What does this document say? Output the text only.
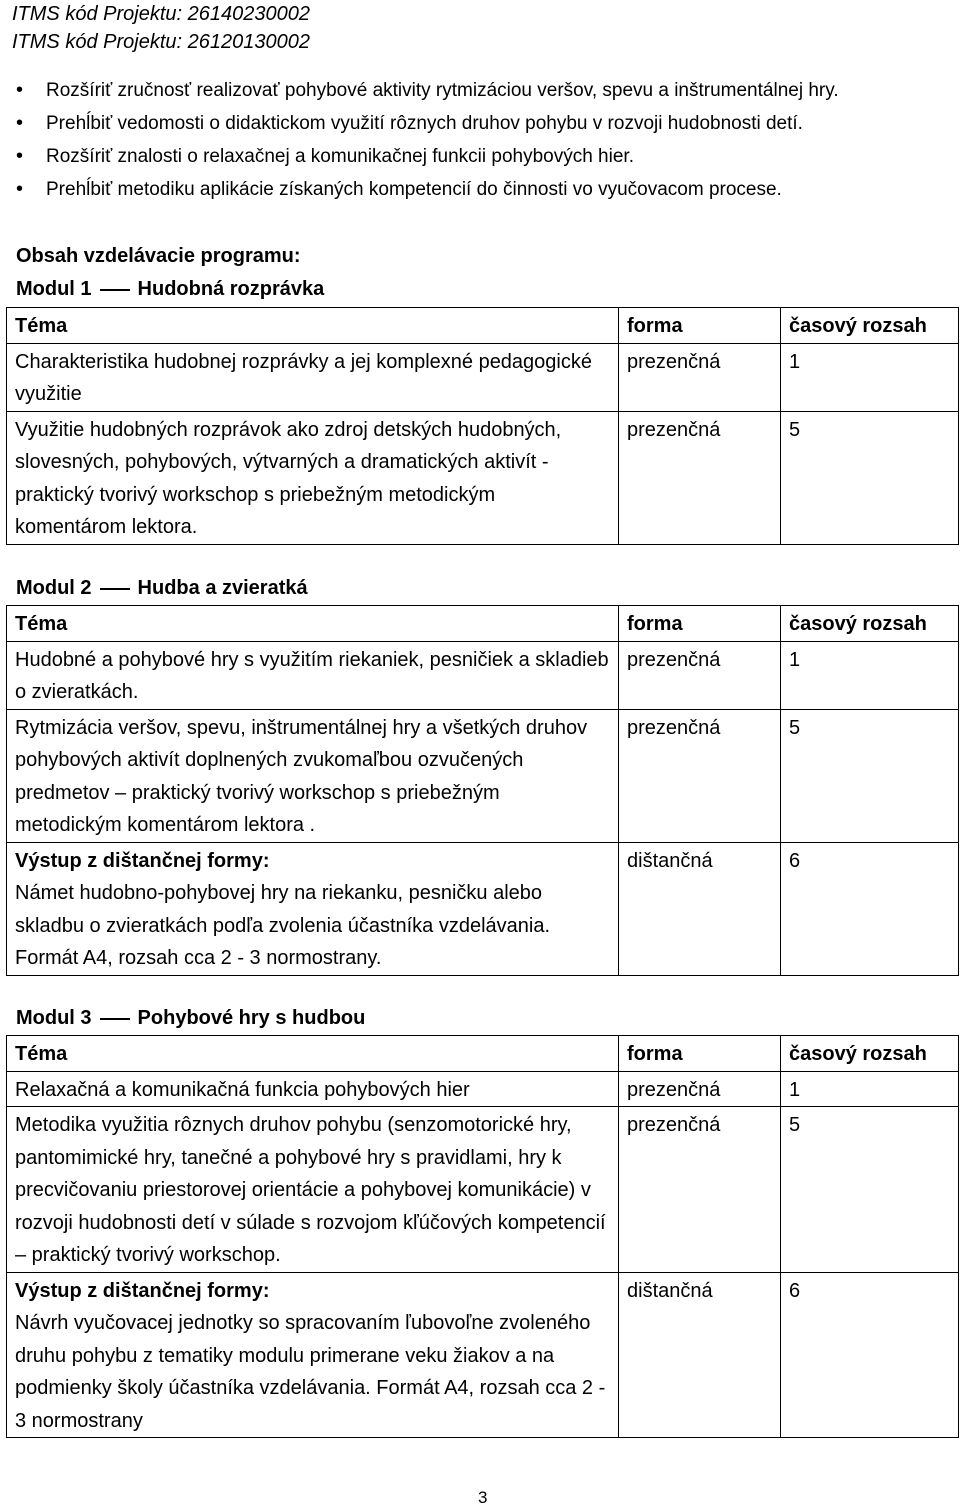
ITMS kód Projektu: 26140230002
ITMS kód Projektu: 26120130002
• Rozšíriť zručnosť realizovať pohybové aktivity rytmizáciou veršov, spevu a inštrumentálnej hry.
• Prehĺbiť vedomosti o didaktickom využití rôznych druhov pohybu v rozvoji hudobnosti detí.
• Rozšíriť znalosti o relaxačnej a komunikačnej funkcii pohybových hier.
• Prehĺbiť metodiku aplikácie získaných kompetencií do činnosti vo vyučovacom procese.
Obsah vzdelávacie programu:
Modul 1 Hudobná rozprávka
Téma	forma	časový rozsah
Charakteristika hudobnej rozprávky a jej komplexné pedagogické využitie	prezenčná	1
Využitie hudobných rozprávok ako zdroj detských hudobných, slovesných, pohybových, výtvarných a dramatických aktivít - praktický tvorivý workschop s priebežným metodickým komentárom lektora.	prezenčná	5
Modul 2 Hudba a zvieratká
Téma	forma	časový rozsah
Hudobné a pohybové hry s využitím riekaniek, pesničiek a skladieb o zvieratkách.	prezenčná	1
Rytmizácia veršov, spevu, inštrumentálnej hry a všetkých druhov pohybových aktivít doplnených zvukomaľbou ozvučených predmetov – praktický tvorivý workschop s priebežným metodickým komentárom lektora .	prezenčná	5

Výstup z dištančnej formy:
Námet hudobno-pohybovej hry na riekanku, pesničku alebo skladbu o zvieratkách podľa zvolenia účastníka vzdelávania. Formát A4, rozsah cca 2 - 3 normostrany.	dištančná	6
Modul 3 Pohybové hry s hudbou
Téma	forma	časový rozsah
Relaxačná a komunikačná funkcia pohybových hier	prezenčná	1
Metodika využitia rôznych druhov pohybu (senzomotorické hry, pantomimické hry, tanečné a pohybové hry s pravidlami, hry k precvičovaniu priestorovej orientácie a pohybovej komunikácie) v rozvoji hudobnosti detí v súlade s rozvojom kľúčových kompetencií – praktický tvorivý workschop.	prezenčná	5

Výstup z dištančnej formy:
Návrh vyučovacej jednotky so spracovaním ľubovoľne zvoleného druhu pohybu z tematiky modulu primerane veku žiakov a na podmienky školy účastníka vzdelávania. Formát A4, rozsah cca 2 - 3 normostrany	dištančná	6
3
